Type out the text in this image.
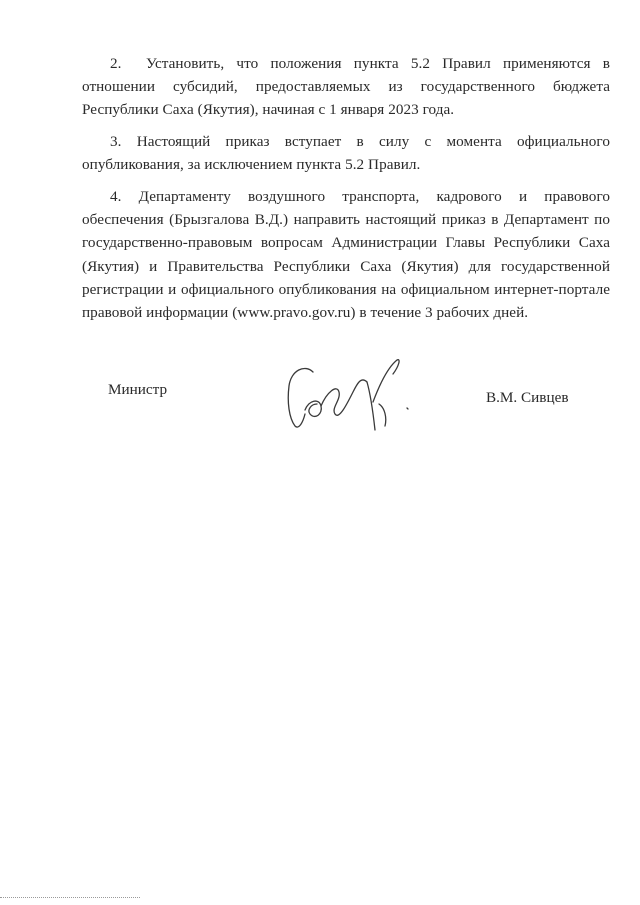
2. Установить, что положения пункта 5.2 Правил применяются в отношении субсидий, предоставляемых из государственного бюджета Республики Саха (Якутия), начиная с 1 января 2023 года.

3. Настоящий приказ вступает в силу с момента официального опубликования, за исключением пункта 5.2 Правил.

4. Департаменту воздушного транспорта, кадрового и правового обеспечения (Брызгалова В.Д.) направить настоящий приказ в Департамент по государственно-правовым вопросам Администрации Главы Республики Саха (Якутия) и Правительства Республики Саха (Якутия) для государственной регистрации и официального опубликования на официальном интернет-портале правовой информации (www.pravo.gov.ru) в течение 3 рабочих дней.

Министр	В.М. Сивцев
